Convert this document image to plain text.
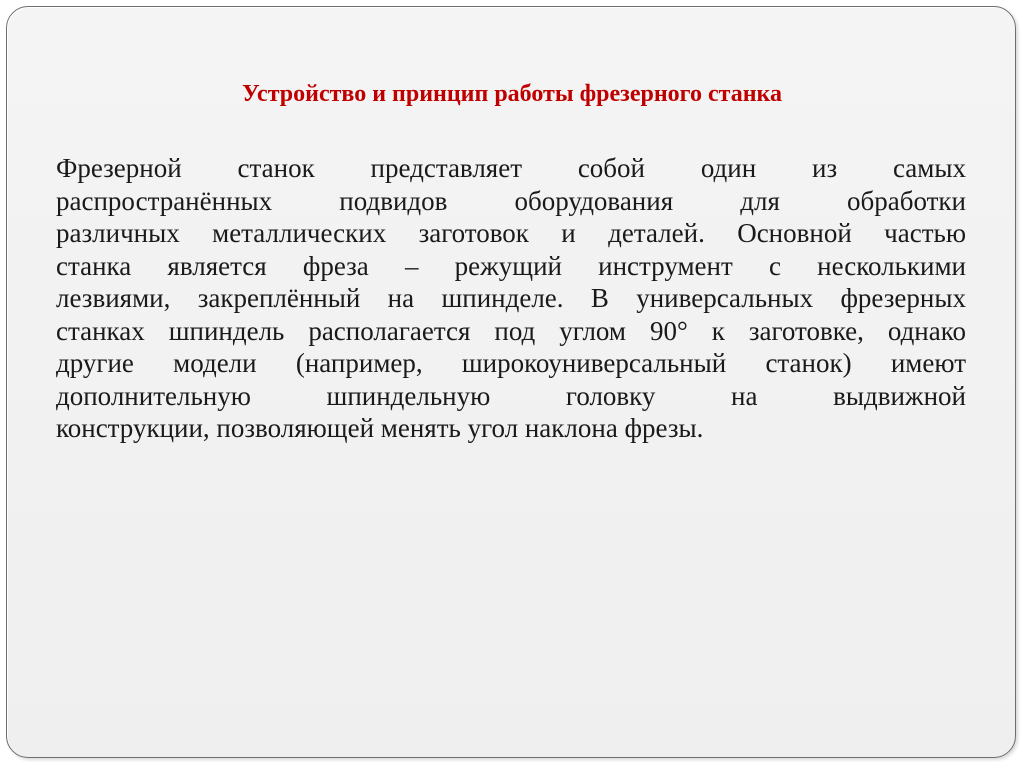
Устройство и принцип работы фрезерного станка
Фрезерной станок представляет собой один из самых
распространённых подвидов оборудования для обработки
различных металлических заготовок и деталей. Основной частью
станка является фреза – режущий инструмент с несколькими
лезвиями, закреплённый на шпинделе. В универсальных фрезерных
станках шпиндель располагается под углом 90° к заготовке, однако
другие модели (например, широкоуниверсальный станок) имеют
дополнительную шпиндельную головку на выдвижной
конструкции, позволяющей менять угол наклона фрезы.
